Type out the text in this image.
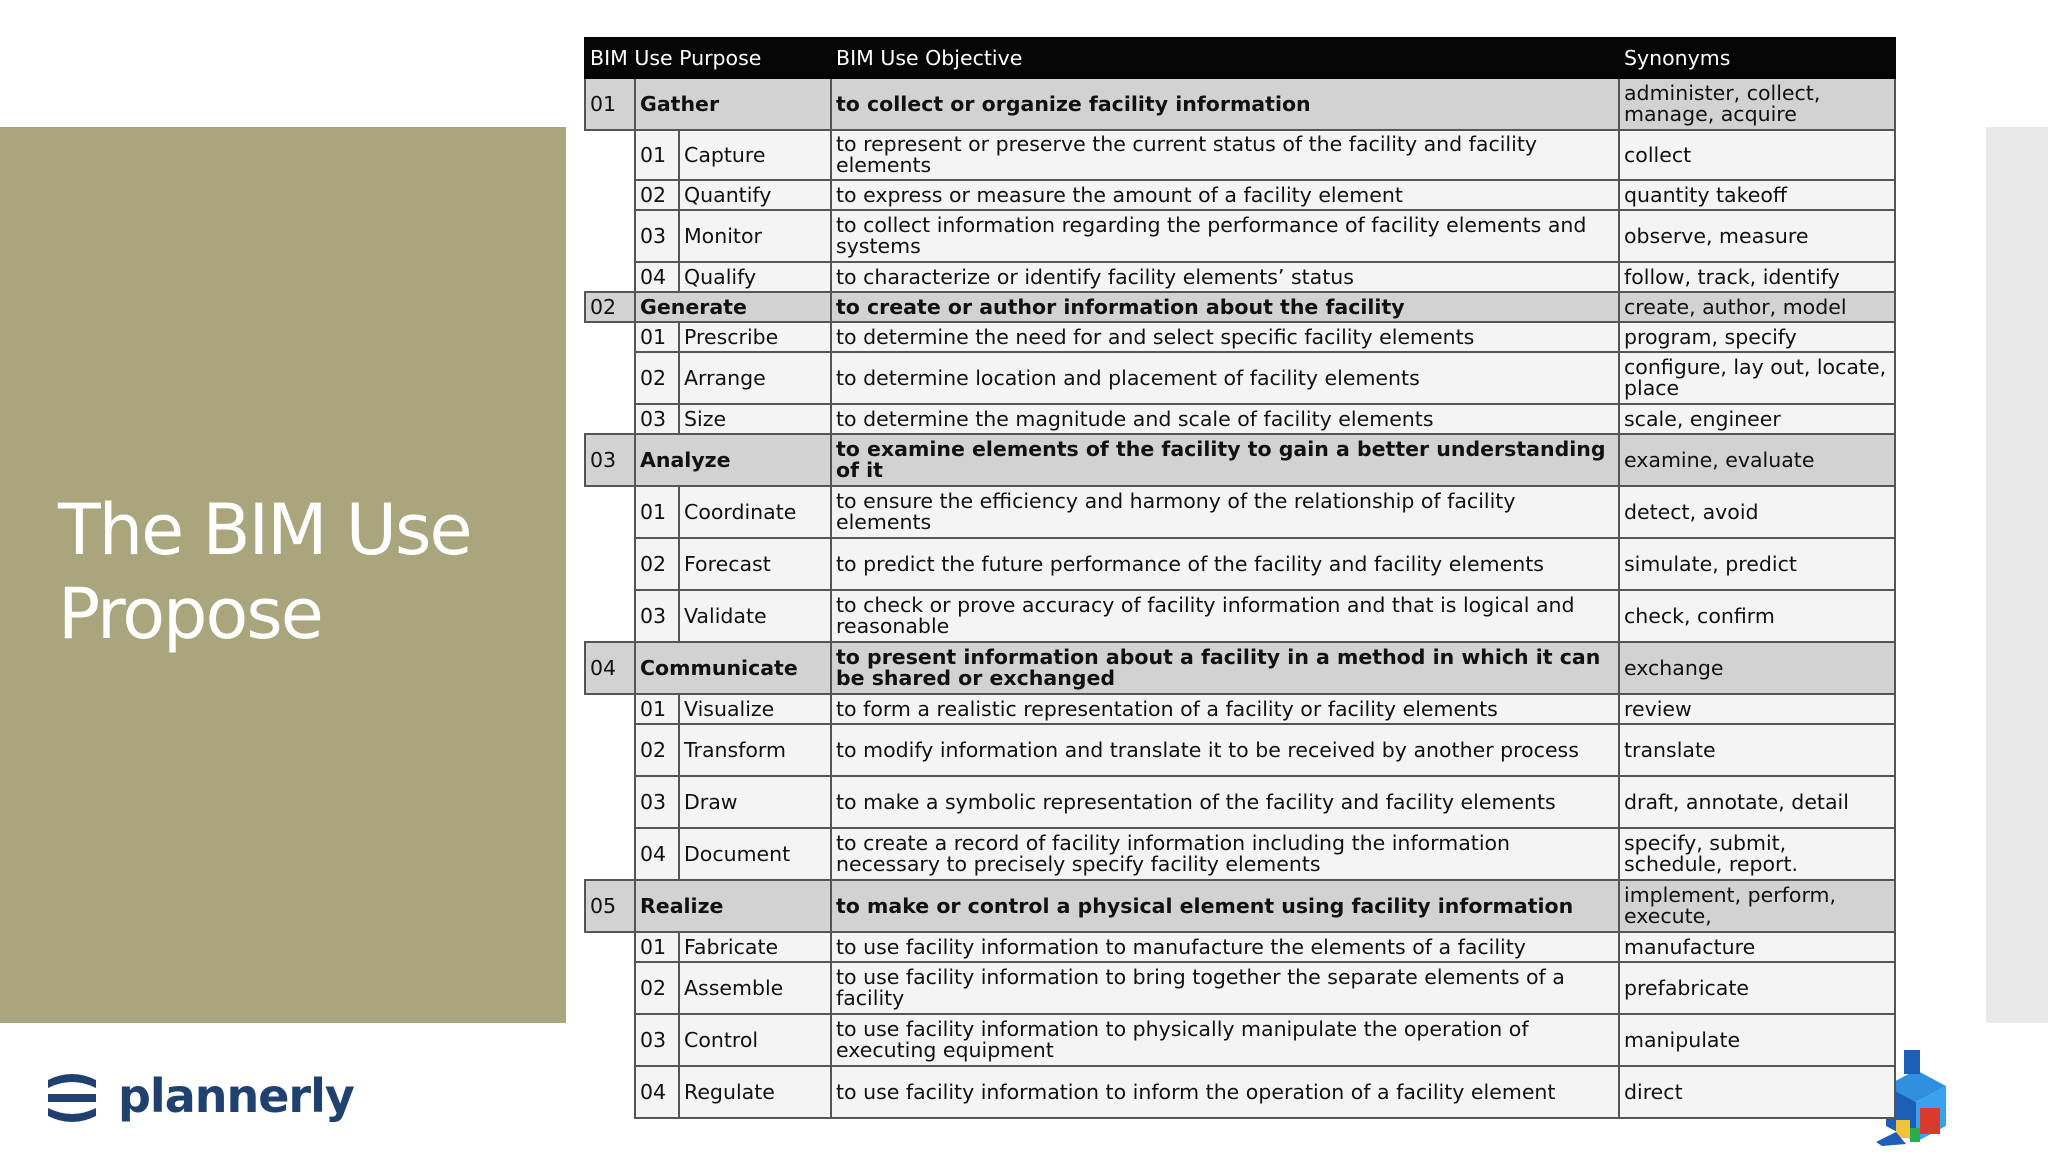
The BIM Use
Propose
plannerly
BIM Use Purpose			BIM Use Objective	Synonyms
01	Gather		to collect or organize facility information	administer, collect, manage, acquire
	01	Capture	to represent or preserve the current status of the facility and facility elements	collect
	02	Quantify	to express or measure the amount of a facility element	quantity takeoff
	03	Monitor	to collect information regarding the performance of facility elements and systems	observe, measure
	04	Qualify	to characterize or identify facility elements’ status	follow, track, identify
02	Generate		to create or author information about the facility	create, author, model
	01	Prescribe	to determine the need for and select specific facility elements	program, specify
	02	Arrange	to determine location and placement of facility elements	configure, lay out, locate, place
	03	Size	to determine the magnitude and scale of facility elements	scale, engineer
03	Analyze		to examine elements of the facility to gain a better understanding of it	examine, evaluate
	01	Coordinate	to ensure the efficiency and harmony of the relationship of facility elements	detect, avoid
	02	Forecast	to predict the future performance of the facility and facility elements	simulate, predict
	03	Validate	to check or prove accuracy of facility information and that is logical and reasonable	check, confirm
04	Communicate		to present information about a facility in a method in which it can be shared or exchanged	exchange
	01	Visualize	to form a realistic representation of a facility or facility elements	review
	02	Transform	to modify information and translate it to be received by another process	translate
	03	Draw	to make a symbolic representation of the facility and facility elements	draft, annotate, detail
	04	Document	to create a record of facility information including the information necessary to precisely specify facility elements	specify, submit, schedule, report.
05	Realize		to make or control a physical element using facility information	implement, perform, execute,
	01	Fabricate	to use facility information to manufacture the elements of a facility	manufacture
	02	Assemble	to use facility information to bring together the separate elements of a facility	prefabricate
	03	Control	to use facility information to physically manipulate the operation of executing equipment	manipulate
	04	Regulate	to use facility information to inform the operation of a facility element	direct
